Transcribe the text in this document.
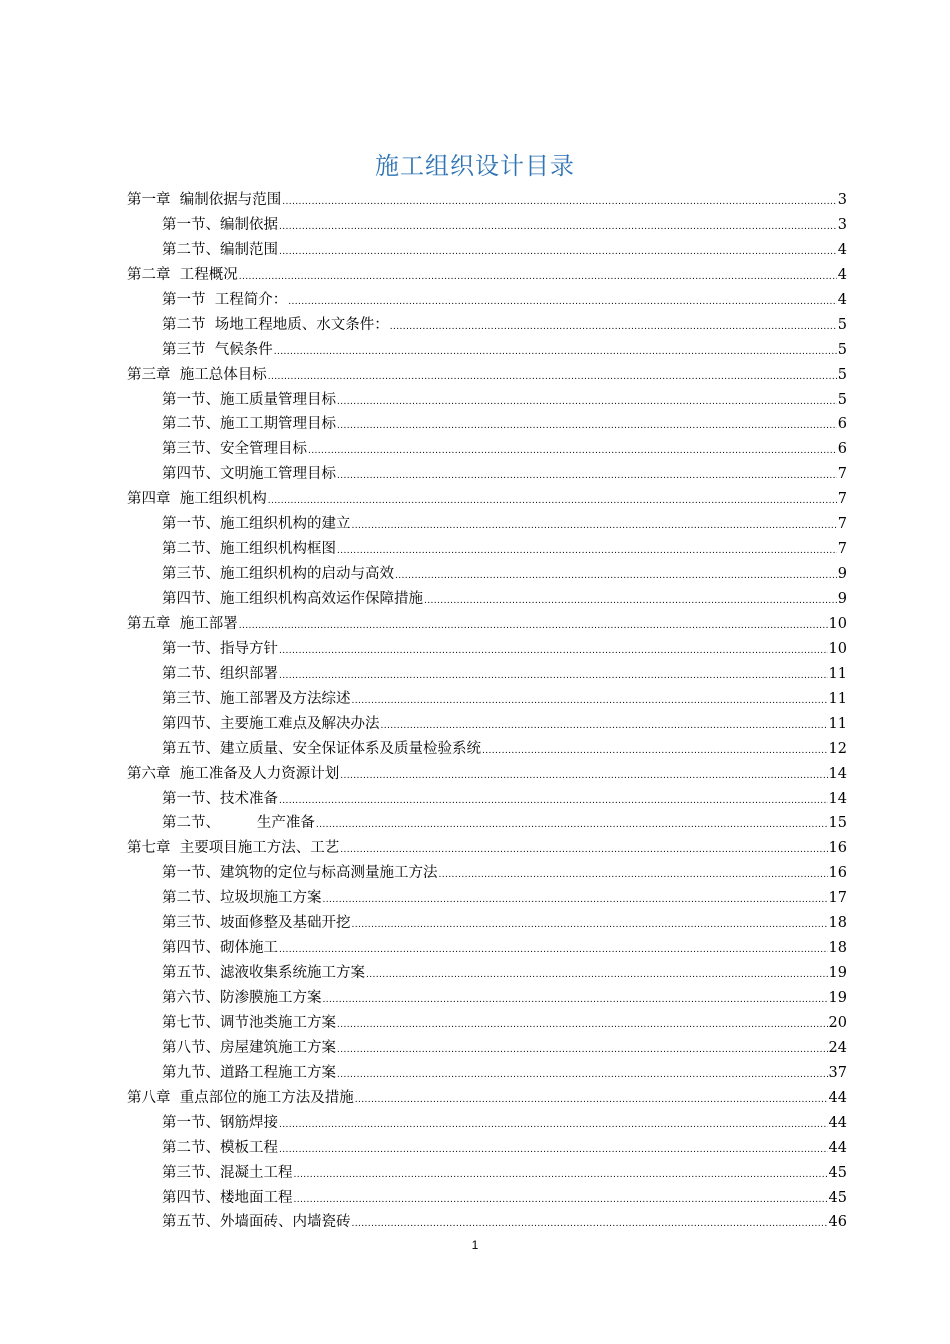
施工组织设计目录
第一章  编制依据与范围 .....	3
第一节、编制依据 .....	3
第二节、编制范围 .....	4
第二章  工程概况 .....	4
第一节  工程简介： .....	4
第二节  场地工程地质、水文条件： .....	5
第三节  气候条件 .....	5
第三章  施工总体目标 .....	5
第一节、施工质量管理目标 .....	5
第二节、施工工期管理目标 .....	6
第三节、安全管理目标 .....	6
第四节、文明施工管理目标 .....	7
第四章  施工组织机构 .....	7
第一节、施工组织机构的建立 .....	7
第二节、施工组织机构框图 .....	7
第三节、施工组织机构的启动与高效 .....	9
第四节、施工组织机构高效运作保障措施 .....	9
第五章  施工部署 .....	10
第一节、指导方针 .....	10
第二节、组织部署 .....	11
第三节、施工部署及方法综述 .....	11
第四节、主要施工难点及解决办法 .....	11
第五节、建立质量、安全保证体系及质量检验系统 .....	12
第六章  施工准备及人力资源计划 .....	14
第一节、技术准备 .....	14
第二节、        生产准备 .....	15
第七章  主要项目施工方法、工艺 .....	16
第一节、建筑物的定位与标高测量施工方法 .....	16
第二节、垃圾坝施工方案 .....	17
第三节、坡面修整及基础开挖 .....	18
第四节、砌体施工 .....	18
第五节、滤液收集系统施工方案 .....	19
第六节、防渗膜施工方案 .....	19
第七节、调节池类施工方案 .....	20
第八节、房屋建筑施工方案 .....	24
第九节、道路工程施工方案 .....	37
第八章  重点部位的施工方法及措施 .....	44
第一节、钢筋焊接 .....	44
第二节、模板工程 .....	44
第三节、混凝土工程 .....	45
第四节、楼地面工程 .....	45
第五节、外墙面砖、内墙瓷砖 .....	46
1
